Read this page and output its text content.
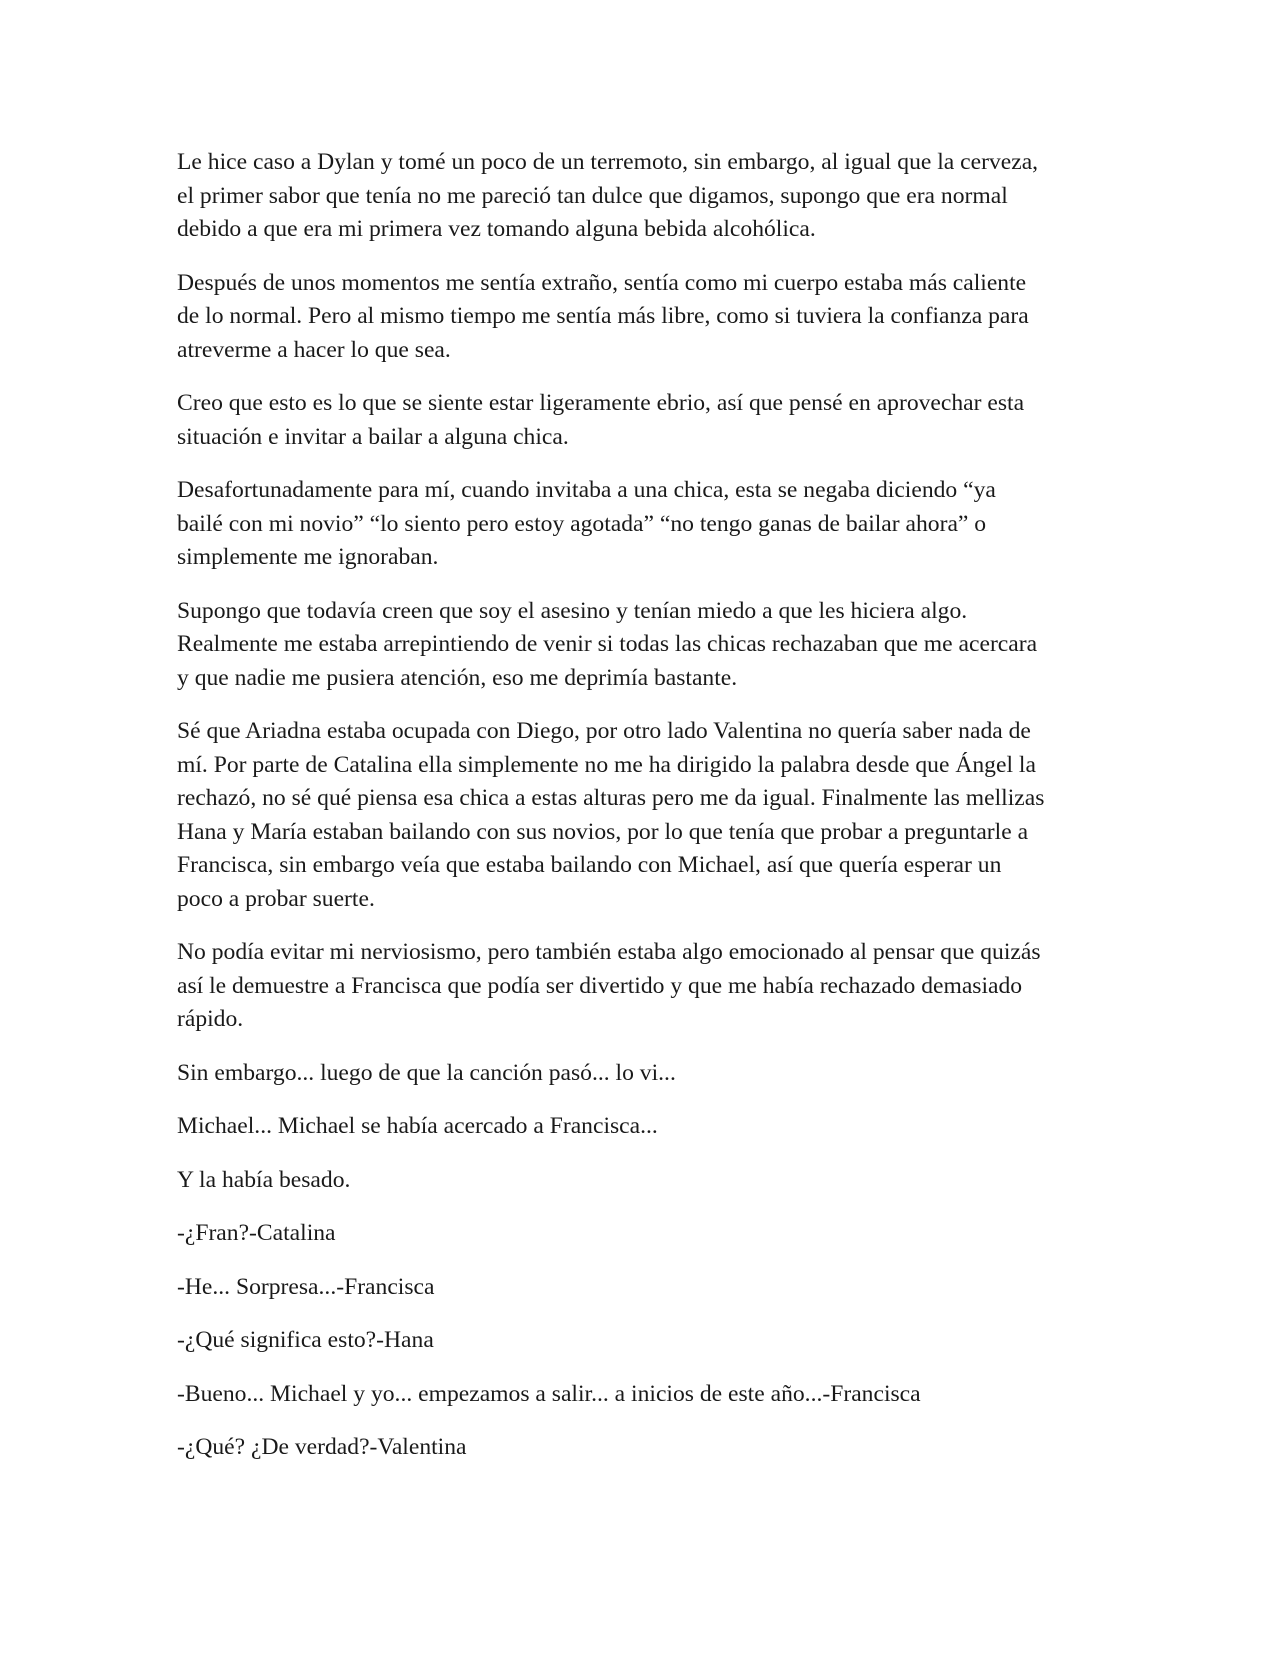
Le hice caso a Dylan y tomé un poco de un terremoto, sin embargo, al igual que la cerveza,
el primer sabor que tenía no me pareció tan dulce que digamos, supongo que era normal
debido a que era mi primera vez tomando alguna bebida alcohólica.

Después de unos momentos me sentía extraño, sentía como mi cuerpo estaba más caliente
de lo normal. Pero al mismo tiempo me sentía más libre, como si tuviera la confianza para
atreverme a hacer lo que sea.

Creo que esto es lo que se siente estar ligeramente ebrio, así que pensé en aprovechar esta
situación e invitar a bailar a alguna chica.

Desafortunadamente para mí, cuando invitaba a una chica, esta se negaba diciendo “ya
bailé con mi novio” “lo siento pero estoy agotada” “no tengo ganas de bailar ahora” o
simplemente me ignoraban.

Supongo que todavía creen que soy el asesino y tenían miedo a que les hiciera algo.
Realmente me estaba arrepintiendo de venir si todas las chicas rechazaban que me acercara
y que nadie me pusiera atención, eso me deprimía bastante.

Sé que Ariadna estaba ocupada con Diego, por otro lado Valentina no quería saber nada de
mí. Por parte de Catalina ella simplemente no me ha dirigido la palabra desde que Ángel la
rechazó, no sé qué piensa esa chica a estas alturas pero me da igual. Finalmente las mellizas
Hana y María estaban bailando con sus novios, por lo que tenía que probar a preguntarle a
Francisca, sin embargo veía que estaba bailando con Michael, así que quería esperar un
poco a probar suerte.

No podía evitar mi nerviosismo, pero también estaba algo emocionado al pensar que quizás
así le demuestre a Francisca que podía ser divertido y que me había rechazado demasiado
rápido.

Sin embargo... luego de que la canción pasó... lo vi...

Michael... Michael se había acercado a Francisca...

Y la había besado.

-¿Fran?-Catalina

-He... Sorpresa...-Francisca

-¿Qué significa esto?-Hana

-Bueno... Michael y yo... empezamos a salir... a inicios de este año...-Francisca

-¿Qué? ¿De verdad?-Valentina
